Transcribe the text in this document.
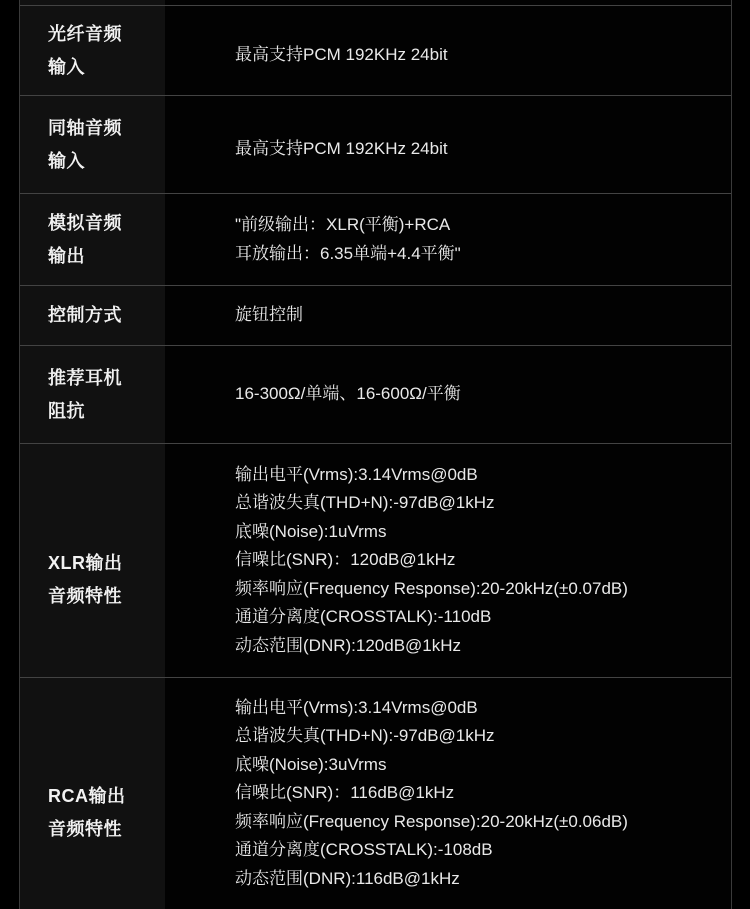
光纤音频
输入
最高支持PCM 192KHz 24bit
同轴音频
输入
最高支持PCM 192KHz 24bit
模拟音频
输出
"前级输出：XLR(平衡)+RCA
耳放输出：6.35单端+4.4平衡"
控制方式	旋钮控制
推荐耳机
阻抗
16-300Ω/单端、16-600Ω/平衡
XLR输出
音频特性
输出电平(Vrms):3.14Vrms@0dB
总谐波失真(THD+N):-97dB@1kHz
底噪(Noise):1uVrms
信噪比(SNR)：120dB@1kHz
频率响应(Frequency Response):20-20kHz(±0.07dB)
通道分离度(CROSSTALK):-110dB
动态范围(DNR):120dB@1kHz
RCA输出
音频特性
输出电平(Vrms):3.14Vrms@0dB
总谐波失真(THD+N):-97dB@1kHz
底噪(Noise):3uVrms
信噪比(SNR)：116dB@1kHz
频率响应(Frequency Response):20-20kHz(±0.06dB)
通道分离度(CROSSTALK):-108dB
动态范围(DNR):116dB@1kHz
